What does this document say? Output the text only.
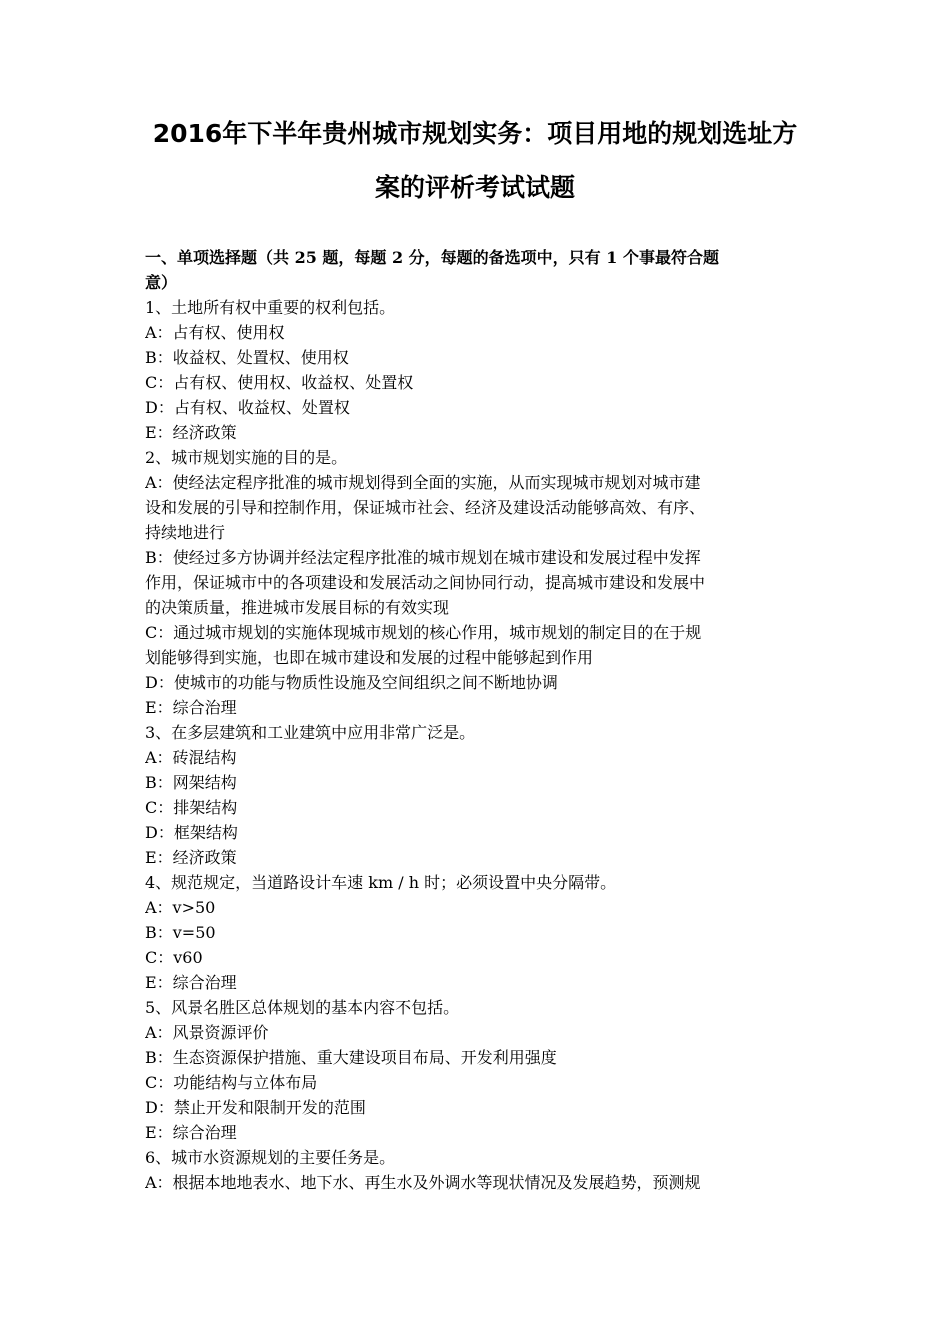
2016年下半年贵州城市规划实务：项目用地的规划选址方
案的评析考试试题
一、单项选择题（共 25 题，每题 2 分，每题的备选项中，只有 1 个事最符合题
意）
1、土地所有权中重要的权利包括。
A：占有权、使用权
B：收益权、处置权、使用权
C：占有权、使用权、收益权、处置权
D：占有权、收益权、处置权
E：经济政策
2、城市规划实施的目的是。
A：使经法定程序批准的城市规划得到全面的实施，从而实现城市规划对城市建
设和发展的引导和控制作用，保证城市社会、经济及建设活动能够高效、有序、
持续地进行
B：使经过多方协调并经法定程序批准的城市规划在城市建设和发展过程中发挥
作用，保证城市中的各项建设和发展活动之间协同行动，提高城市建设和发展中
的决策质量，推进城市发展目标的有效实现
C：通过城市规划的实施体现城市规划的核心作用，城市规划的制定目的在于规
划能够得到实施，也即在城市建设和发展的过程中能够起到作用
D：使城市的功能与物质性设施及空间组织之间不断地协调
E：综合治理
3、在多层建筑和工业建筑中应用非常广泛是。
A：砖混结构
B：网架结构
C：排架结构
D：框架结构
E：经济政策
4、规范规定，当道路设计车速 km / h 时；必须设置中央分隔带。
A：v>50
B：v=50
C：v60
E：综合治理
5、风景名胜区总体规划的基本内容不包括。
A：风景资源评价
B：生态资源保护措施、重大建设项目布局、开发利用强度
C：功能结构与立体布局
D：禁止开发和限制开发的范围
E：综合治理
6、城市水资源规划的主要任务是。
A：根据本地地表水、地下水、再生水及外调水等现状情况及发展趋势，预测规
